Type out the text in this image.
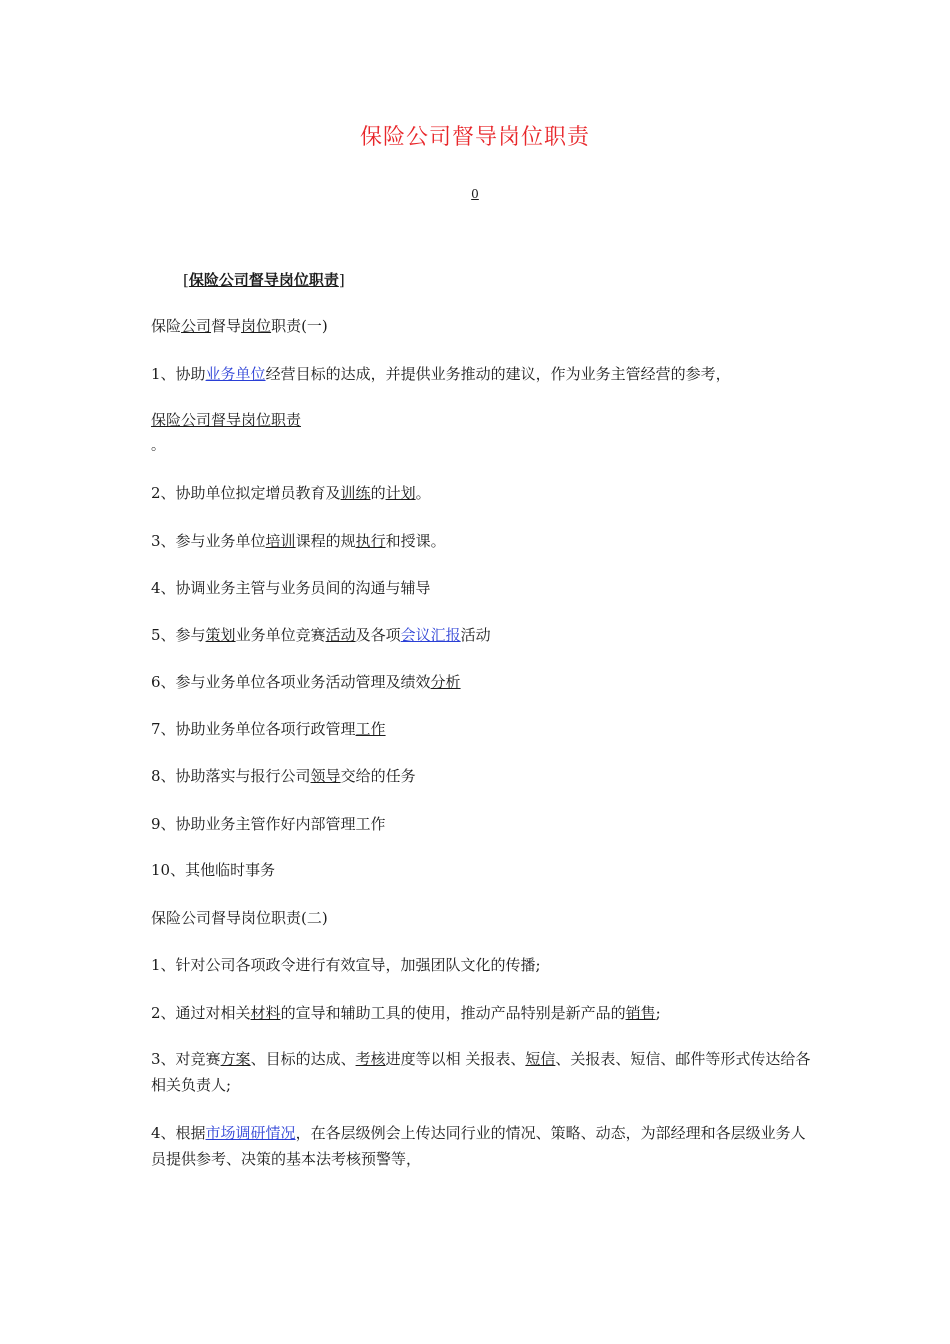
保险公司督导岗位职责
0
[保险公司督导岗位职责]
保险公司督导岗位职责(一)
1、协助业务单位经营目标的达成，并提供业务推动的建议，作为业务主管经营的参考，
保险公司督导岗位职责
。
2、协助单位拟定增员教育及训练的计划。
3、参与业务单位培训课程的规执行和授课。
4、协调业务主管与业务员间的沟通与辅导
5、参与策划业务单位竞赛活动及各项会议汇报活动
6、参与业务单位各项业务活动管理及绩效分析
7、协助业务单位各项行政管理工作
8、协助落实与报行公司领导交给的任务
9、协助业务主管作好内部管理工作
10、其他临时事务
保险公司督导岗位职责(二)
1、针对公司各项政令进行有效宣导，加强团队文化的传播;
2、通过对相关材料的宣导和辅助工具的使用，推动产品特别是新产品的销售;
3、对竞赛方案、目标的达成、考核进度等以相 关报表、短信、关报表、短信、邮件等形式传达给各相关负责人;
4、根据市场调研情况，在各层级例会上传达同行业的情况、策略、动态，为部经理和各层级业务人员提供参考、决策的基本法考核预警等，
